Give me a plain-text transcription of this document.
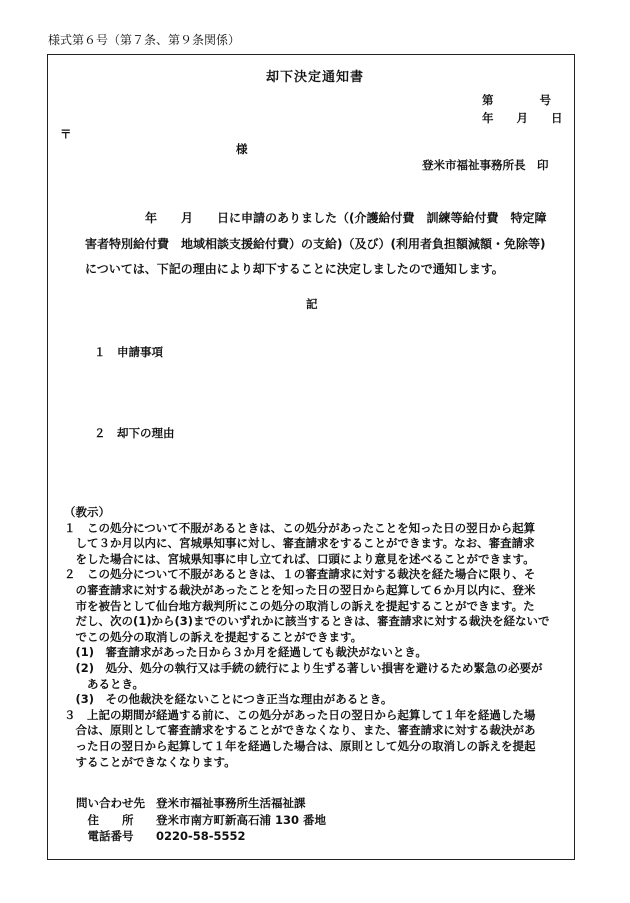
様式第６号（第７条、第９条関係）
却下決定通知書
第　　　　号
年　　月　　日
〒
様
登米市福祉事務所長　印
　　年　　月　　日に申請のありました（(介護給付費　訓練等給付費　特定障
害者特別給付費　地域相談支援給付費）の支給)（及び）(利用者負担額減額・免除等)
については、下記の理由により却下することに決定しましたので通知します。
記
１　申請事項
２　却下の理由
（教示）
１　この処分について不服があるときは、この処分があったことを知った日の翌日から起算
　して３か月以内に、宮城県知事に対し、審査請求をすることができます。なお、審査請求
　をした場合には、宮城県知事に申し立てれば、口頭により意見を述べることができます。
２　この処分について不服があるときは、１の審査請求に対する裁決を経た場合に限り、そ
　の審査請求に対する裁決があったことを知った日の翌日から起算して６か月以内に、登米
　市を被告として仙台地方裁判所にこの処分の取消しの訴えを提起することができます。た
　だし、次の(1)から(3)までのいずれかに該当するときは、審査請求に対する裁決を経ないで
　でこの処分の取消しの訴えを提起することができます。
　(1)　審査請求があった日から３か月を経過しても裁決がないとき。
　(2)　処分、処分の執行又は手続の続行により生ずる著しい損害を避けるため緊急の必要が
　　あるとき。
　(3)　その他裁決を経ないことにつき正当な理由があるとき。
３　上記の期間が経過する前に、この処分があった日の翌日から起算して１年を経過した場
　合は、原則として審査請求をすることができなくなり、また、審査請求に対する裁決があ
　った日の翌日から起算して１年を経過した場合は、原則として処分の取消しの訴えを提起
　することができなくなります。
問い合わせ先 登米市福祉事務所生活福祉課
　住　　所 登米市南方町新高石浦 130 番地
　電話番号 0220-58-5552
